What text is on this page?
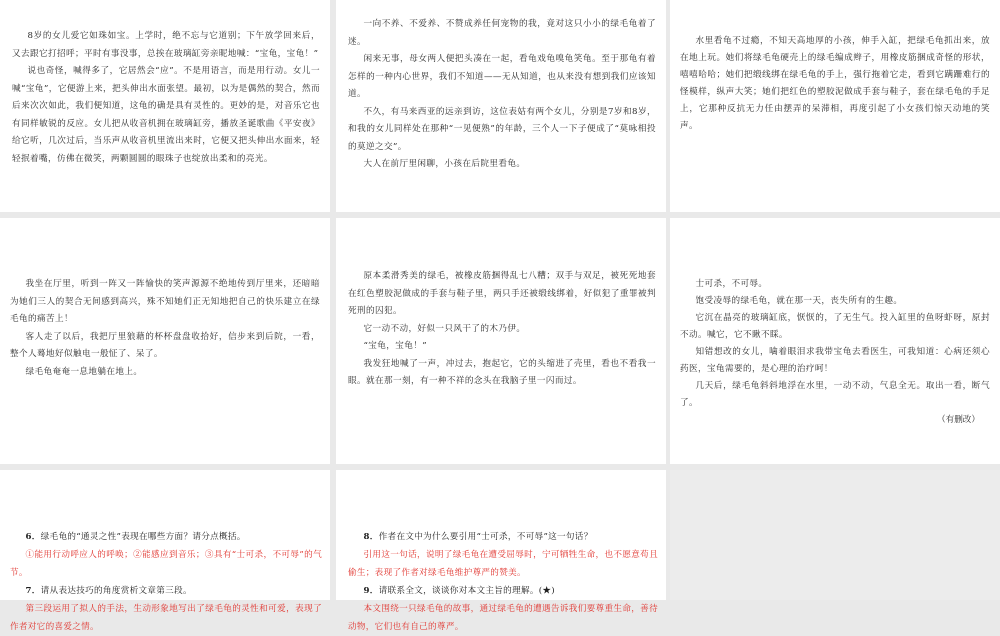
8岁的女儿爱它如珠如宝。上学时，绝不忘与它道别；下午放学回来后，又去跟它打招呼；平时有事没事，总挨在玻璃缸旁亲昵地喊：“宝龟，宝龟！”

说也奇怪，喊得多了，它居然会“应”。不是用语言，而是用行动。女儿一喊“宝龟”，它便游上来，把头伸出水面张望。最初，以为是偶然的契合，然而后来次次如此，我们便知道，这龟的确是具有灵性的。更妙的是，对音乐它也有同样敏锐的反应。女儿把从收音机拥在玻璃缸旁，播放圣诞歌曲《平安夜》给它听，几次过后，当乐声从收音机里流出来时，它便又把头伸出水面来，轻轻抿着嘴，仿佛在微笑，两颗圆圆的眼珠子也绽放出柔和的亮光。

一向不养、不爱养、不赞成养任何宠物的我，竟对这只小小的绿毛龟着了迷。

闲来无事，母女两人便把头凑在一起，看龟戏龟嗅龟笑龟。至于那龟有着怎样的一种内心世界，我们不知道——无从知道，也从来没有想到我们应该知道。

不久，有马来西亚的远亲到访，这位表姑有两个女儿，分别是7岁和8岁，和我的女儿同样处在那种“一见便熟”的年龄，三个人一下子便成了“莫咏相投的莫逆之交”。

大人在前厅里闲聊，小孩在后院里看龟。

水里看龟不过瘾，不知天高地厚的小孩，伸手入缸，把绿毛龟抓出来，放在地上玩。她们将绿毛龟硬壳上的绿毛编成辫子，用橡皮筋捆成奇怪的形状，嘻嘻哈哈；她们把缎线绑在绿毛龟的手上，强行拖着它走，看到它蹒跚难行的怪模样，纵声大笑；她们把红色的塑胶泥做成手套与鞋子，套在绿毛龟的手足上，它那种反抗无力任由摆弄的呆滞相，再度引起了小女孩们惊天动地的笑声。

我坐在厅里，听到一阵又一阵愉快的笑声源源不绝地传到厅里来，还暗暗为她们三人的契合无间感到高兴，殊不知她们正无知地把自己的快乐建立在绿毛龟的痛苦上！

客人走了以后，我把厅里狼藉的杯杯盘盘收拾好，信步来到后院，一看，整个人蓦地好似触电一般怔了、呆了。

绿毛龟奄奄一息地躺在地上。

原本柔滑秀美的绿毛，被橡皮筋捆得乱七八糟；双手与双足，被死死地套在红色塑胶泥做成的手套与鞋子里，两只手还被缎线绑着，好似犯了重罪被判死刑的囚犯。

它一动不动，好似一只风干了的木乃伊。

“宝龟，宝龟！”

我发狂地喊了一声，冲过去，抱起它，它的头缩进了壳里，看也不看我一眼。就在那一刻，有一种不祥的念头在我脑子里一闪而过。

士可杀，不可辱。

饱受凌辱的绿毛龟，就在那一天，丧失所有的生趣。

它沉在晶亮的玻璃缸底，恹恹的，了无生气。投入缸里的鱼呀虾呀，原封不动。喊它，它不瞅不睬。

知错想改的女儿，噙着眼泪求我带宝龟去看医生，可我知道：心病还须心药医，宝龟需要的，是心理的治疗呵！

几天后，绿毛龟斜斜地浮在水里，一动不动，气息全无。取出一看，断气了。

（有删改）

6．绿毛龟的“通灵之性”表现在哪些方面？请分点概括。

①能用行动呼应人的呼唤；②能感应到音乐；③具有“士可杀，不可辱”的气节。

7．请从表达技巧的角度赏析文章第三段。

第三段运用了拟人的手法，生动形象地写出了绿毛龟的灵性和可爱，表现了作者对它的喜爱之情。

8．作者在文中为什么要引用“士可杀，不可辱”这一句话？

引用这一句话，说明了绿毛龟在遭受屈辱时，宁可牺牲生命，也不愿意苟且偷生；表现了作者对绿毛龟维护尊严的赞美。

9．请联系全文，谈谈你对本文主旨的理解。(★)

本文围绕一只绿毛龟的故事，通过绿毛龟的遭遇告诉我们要尊重生命，善待动物，它们也有自己的尊严。
